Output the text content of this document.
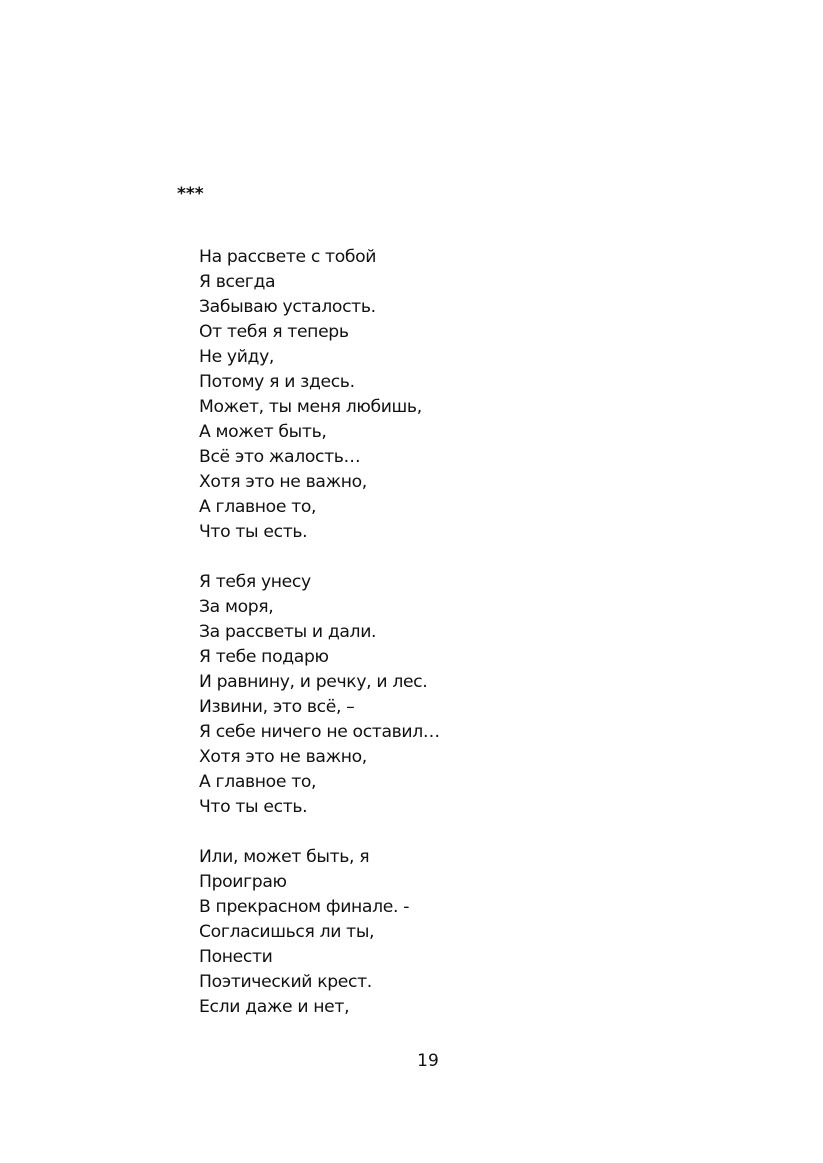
***
На рассвете с тобой
Я всегда
Забываю усталость.
От тебя я теперь
Не уйду,
Потому я и здесь.
Может, ты меня любишь,
А может быть,
Всё это жалость…
Хотя это не важно,
А главное то,
Что ты есть.
Я тебя унесу
За моря,
За рассветы и дали.
Я тебе подарю
И равнину, и речку, и лес.
Извини, это всё, –
Я себе ничего не оставил…
Хотя это не важно,
А главное то,
Что ты есть.
Или, может быть, я
Проиграю
В прекрасном финале. -
Согласишься ли ты,
Понести
Поэтический крест.
Если даже и нет,
19
